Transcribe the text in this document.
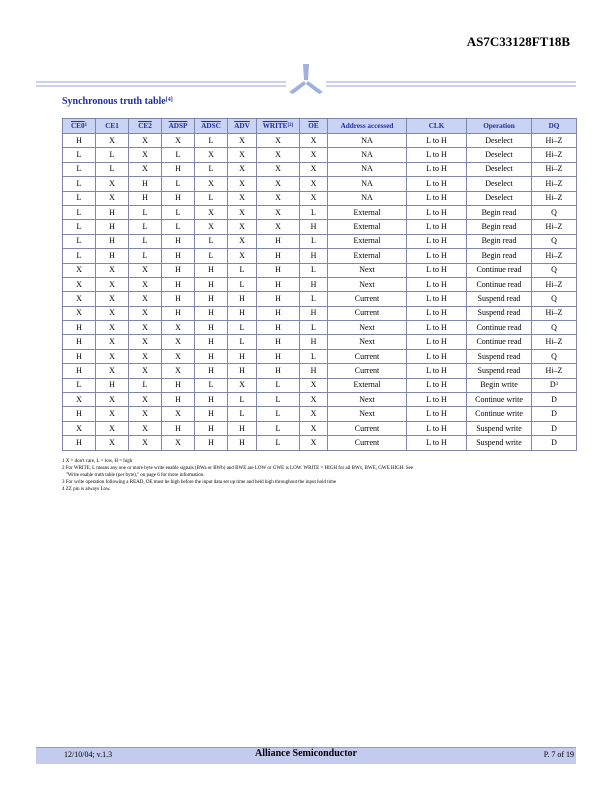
AS7C33128FT18B
Synchronous truth table[4]
$CE0^1$	CE1	CE2	ADSP	ADSC	$\overline{ADV}$	WRITE[2]	$\overline{OE}$	Address accessed	CLK	Operation	DQ
H	X	X	X	L	X	X	X	NA	L to H	Deselect	Hi–Z
L	L	X	L	X	X	X	X	NA	L to H	Deselect	Hi–Z
L	L	X	H	L	X	X	X	NA	L to H	Deselect	Hi–Z
L	X	H	L	X	X	X	X	NA	L to H	Deselect	Hi–Z
L	X	H	H	L	X	X	X	NA	L to H	Deselect	Hi–Z
L	H	L	L	X	X	X	L	External	L to H	Begin read	Q
L	H	L	L	X	X	X	H	External	L to H	Begin read	Hi–Z
L	H	L	H	L	X	H	L	External	L to H	Begin read	Q
L	H	L	H	L	X	H	H	External	L to H	Begin read	Hi–Z
X	X	X	H	H	L	H	L	Next	L to H	Continue read	Q
X	X	X	H	H	L	H	H	Next	L to H	Continue read	Hi–Z
X	X	X	H	H	H	H	L	Current	L to H	Suspend read	Q
X	X	X	H	H	H	H	H	Current	L to H	Suspend read	Hi–Z
H	X	X	X	H	L	H	L	Next	L to H	Continue read	Q
H	X	X	X	H	L	H	H	Next	L to H	Continue read	Hi–Z
H	X	X	X	H	H	H	L	Current	L to H	Suspend read	Q
H	X	X	X	H	H	H	H	Current	L to H	Suspend read	Hi–Z
L	H	L	H	L	X	L	X	External	L to H	Begin write	$D^3$
X	X	X	H	H	L	L	X	Next	L to H	Continue write	D
H	X	X	X	H	L	L	X	Next	L to H	Continue write	D
X	X	X	H	H	H	L	X	Current	L to H	Suspend write	D
H	X	X	X	H	H	L	X	Current	L to H	Suspend write	D

1 X = don't care, L = low, H = high
2 For WRITE, L means any one or more byte write enable signals (BWa or BWb) and BWE are LOW or GWE is LOW. WRITE = HIGH for all BWx, BWE, GWE HIGH. See
"Write enable truth table (per byte)," on page 6 for more information.
3 For write operation following a READ, OE must be high before the input data set up time and held high throughout the input hold time
4 ZZ pin is always Low.
12/10/04; v.1.3	Alliance Semiconductor	P. 7 of 19
